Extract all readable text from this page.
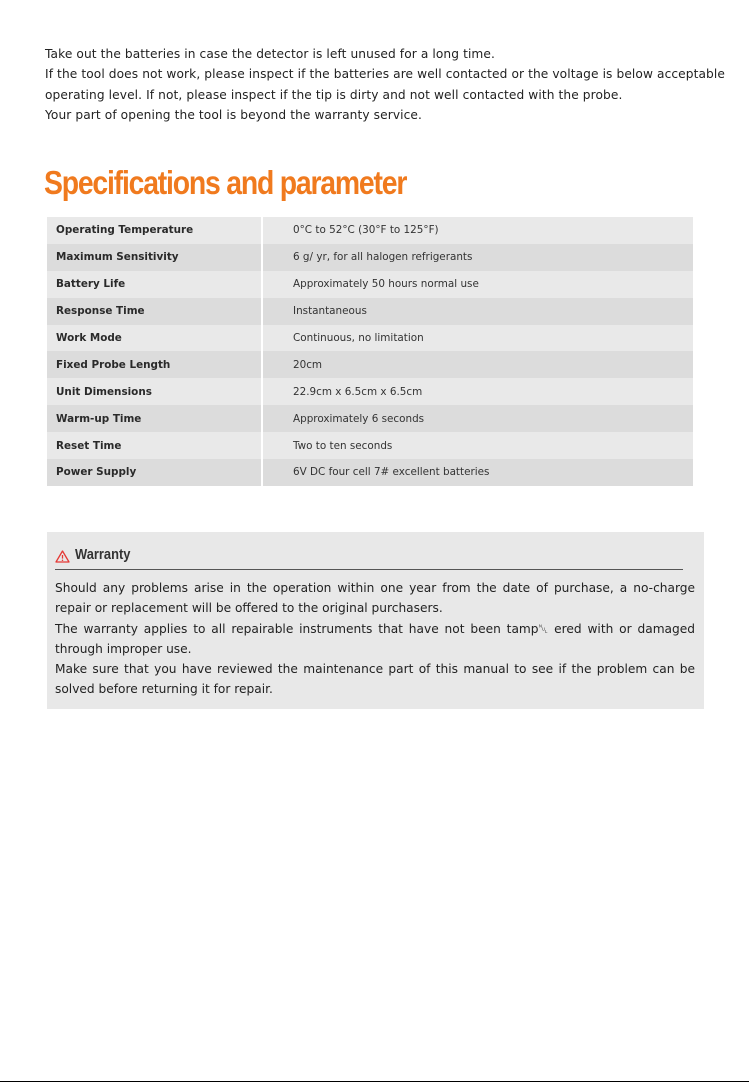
Take out the batteries in case the detector is left unused for a long time.

If the tool does not work, please inspect if the batteries are well contacted or the voltage is below acceptable

operating level. If not, please inspect if the tip is dirty and not well contacted with the probe.

Your part of opening the tool is beyond the warranty service.

Specifications and parameter
Operating Temperature	0°C to 52°C (30°F to 125°F)
Maximum Sensitivity	6 g/ yr, for all halogen refrigerants
Battery Life	Approximately 50 hours normal use
Response Time	Instantaneous
Work Mode	Continuous, no limitation
Fixed Probe Length	20cm
Unit Dimensions	22.9cm x 6.5cm x 6.5cm
Warm-up Time	Approximately 6 seconds
Reset Time	Two to ten seconds
Power Supply	6V DC four cell 7# excellent batteries
Warranty

Should any problems arise in the operation within one year from the date of purchase, a no-charge repair or replacement will be offered to the original purchasers.

The warranty applies to all repairable instruments that have not been tamp␀ ered with or damaged through improper use.

Make sure that you have reviewed the maintenance part of this manual to see if the problem can be solved before returning it for repair.
